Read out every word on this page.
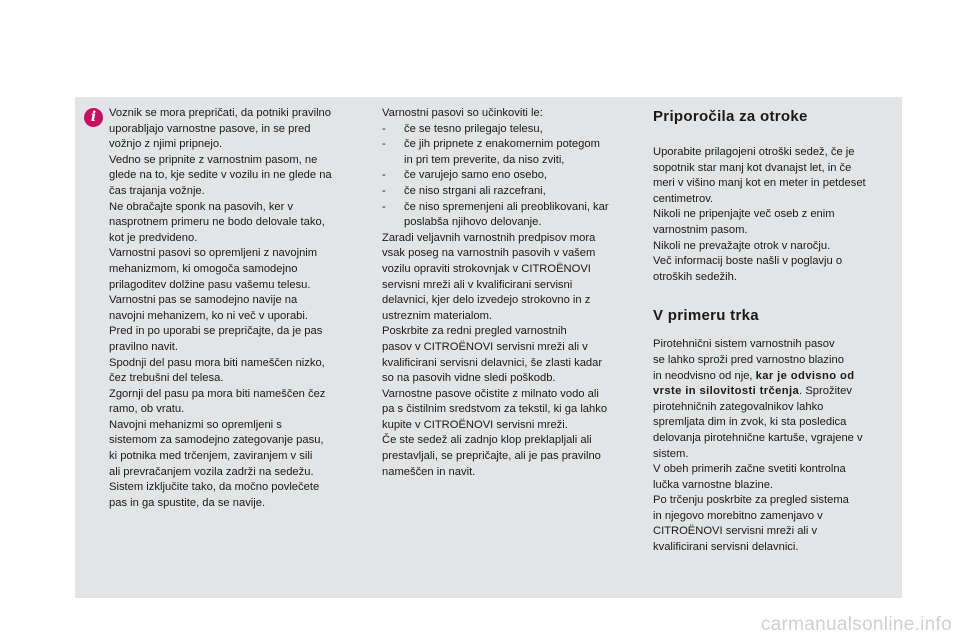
i	Voznik se mora prepričati, da potniki pravilno
uporabljajo varnostne pasove, in se pred
vožnjo z njimi pripnejo.
Vedno se pripnite z varnostnim pasom, ne
glede na to, kje sedite v vozilu in ne glede na
čas trajanja vožnje.
Ne obračajte sponk na pasovih, ker v
nasprotnem primeru ne bodo delovale tako,
kot je predvideno.
Varnostni pasovi so opremljeni z navojnim
mehanizmom, ki omogoča samodejno
prilagoditev dolžine pasu vašemu telesu.
Varnostni pas se samodejno navije na
navojni mehanizem, ko ni več v uporabi.
Pred in po uporabi se prepričajte, da je pas
pravilno navit.
Spodnji del pasu mora biti nameščen nizko,
čez trebušni del telesa.
Zgornji del pasu pa mora biti nameščen čez
ramo, ob vratu.
Navojni mehanizmi so opremljeni s
sistemom za samodejno zategovanje pasu,
ki potnika med trčenjem, zaviranjem v sili
ali prevračanjem vozila zadrži na sedežu.
Sistem izključite tako, da močno povlečete
pas in ga spustite, da se navije.
Varnostni pasovi so učinkoviti le:
-	če se tesno prilegajo telesu,
-	če jih pripnete z enakomernim potegom
in pri tem preverite, da niso zviti,
-	če varujejo samo eno osebo,
-	če niso strgani ali razcefrani,
-	če niso spremenjeni ali preoblikovani, kar
poslabša njihovo delovanje.
Zaradi veljavnih varnostnih predpisov mora
vsak poseg na varnostnih pasovih v vašem
vozilu opraviti strokovnjak v CITROËNOVI
servisni mreži ali v kvalificirani servisni
delavnici, kjer delo izvedejo strokovno in z
ustreznim materialom.
Poskrbite za redni pregled varnostnih
pasov v CITROËNOVI servisni mreži ali v
kvalificirani servisni delavnici, še zlasti kadar
so na pasovih vidne sledi poškodb.
Varnostne pasove očistite z milnato vodo ali
pa s čistilnim sredstvom za tekstil, ki ga lahko
kupite v CITROËNOVI servisni mreži.
Če ste sedež ali zadnjo klop preklapljali ali
prestavljali, se prepričajte, ali je pas pravilno
nameščen in navit.
Priporočila za otroke
Uporabite prilagojeni otroški sedež, če je
sopotnik star manj kot dvanajst let, in če
meri v višino manj kot en meter in petdeset
centimetrov.
Nikoli ne pripenjajte več oseb z enim
varnostnim pasom.
Nikoli ne prevažajte otrok v naročju.
Več informacij boste našli v poglavju o
otroških sedežih.
V primeru trka
Pirotehnični sistem varnostnih pasov
se lahko sproži pred varnostno blazino
in neodvisno od nje, kar je odvisno od
vrste in silovitosti trčenja. Sprožitev
pirotehničnih zategovalnikov lahko
spremljata dim in zvok, ki sta posledica
delovanja pirotehnične kartuše, vgrajene v
sistem.
V obeh primerih začne svetiti kontrolna
lučka varnostne blazine.
Po trčenju poskrbite za pregled sistema
in njegovo morebitno zamenjavo v
CITROËNOVI servisni mreži ali v
kvalificirani servisni delavnici.
carmanualsonline.info
